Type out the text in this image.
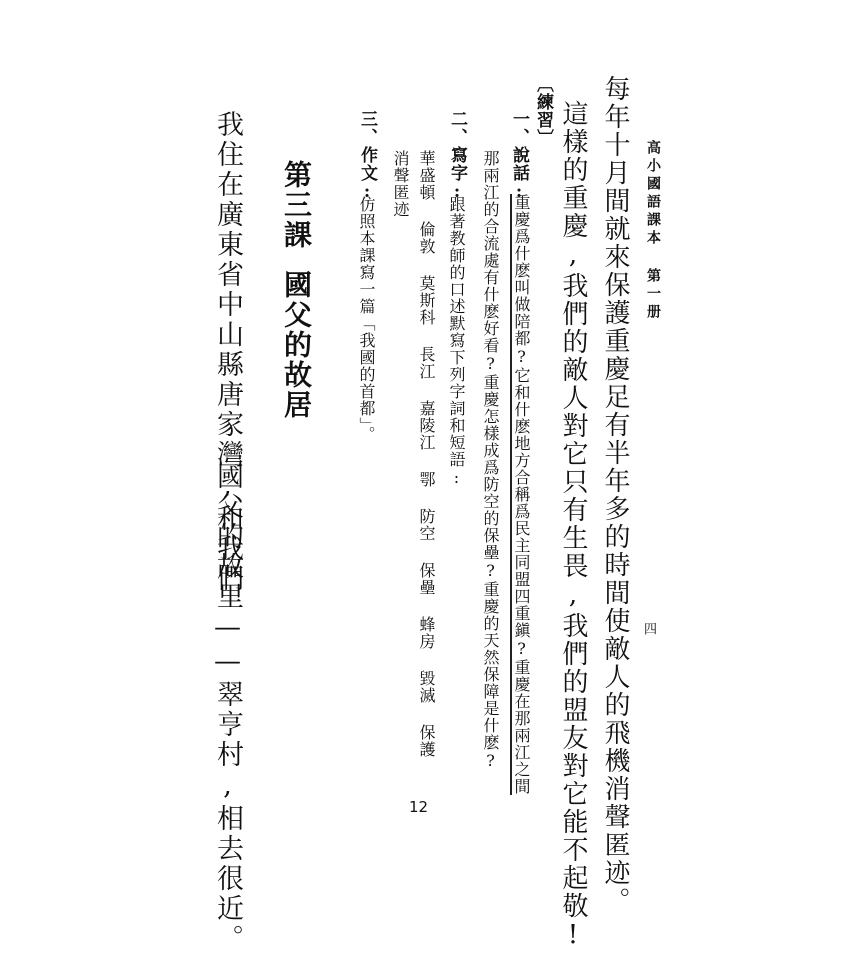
高小國語課本 第一册
四
每年十月間就來保護重慶足有半年多的時間使敵人的飛機消聲匿迹。
這樣的重慶,我們的敵人對它只有生畏,我們的盟友對它能不起敬!
〔練習〕
一、說話:
重慶爲什麽叫做陪都?它和什麽地方合稱爲民主同盟四重鎭?重慶在那兩江之間
那兩江的合流處有什麽好看?重慶怎樣成爲防空的保壘?重慶的天然保障是什麽?
二、寫字:
跟著教師的口述默寫下列字詞和短語:
華盛頓 倫敦 莫斯科 長江 嘉陵江 鄂 防空 保壘 蜂房 毀滅 保護
消聲匿迹
三、作文:
仿照本課寫一篇「我國的首都」。
第三課
國父的故居
我住在廣東省中山縣唐家灣,和我們
國父的故里——翠亨村,相去很近。	12
